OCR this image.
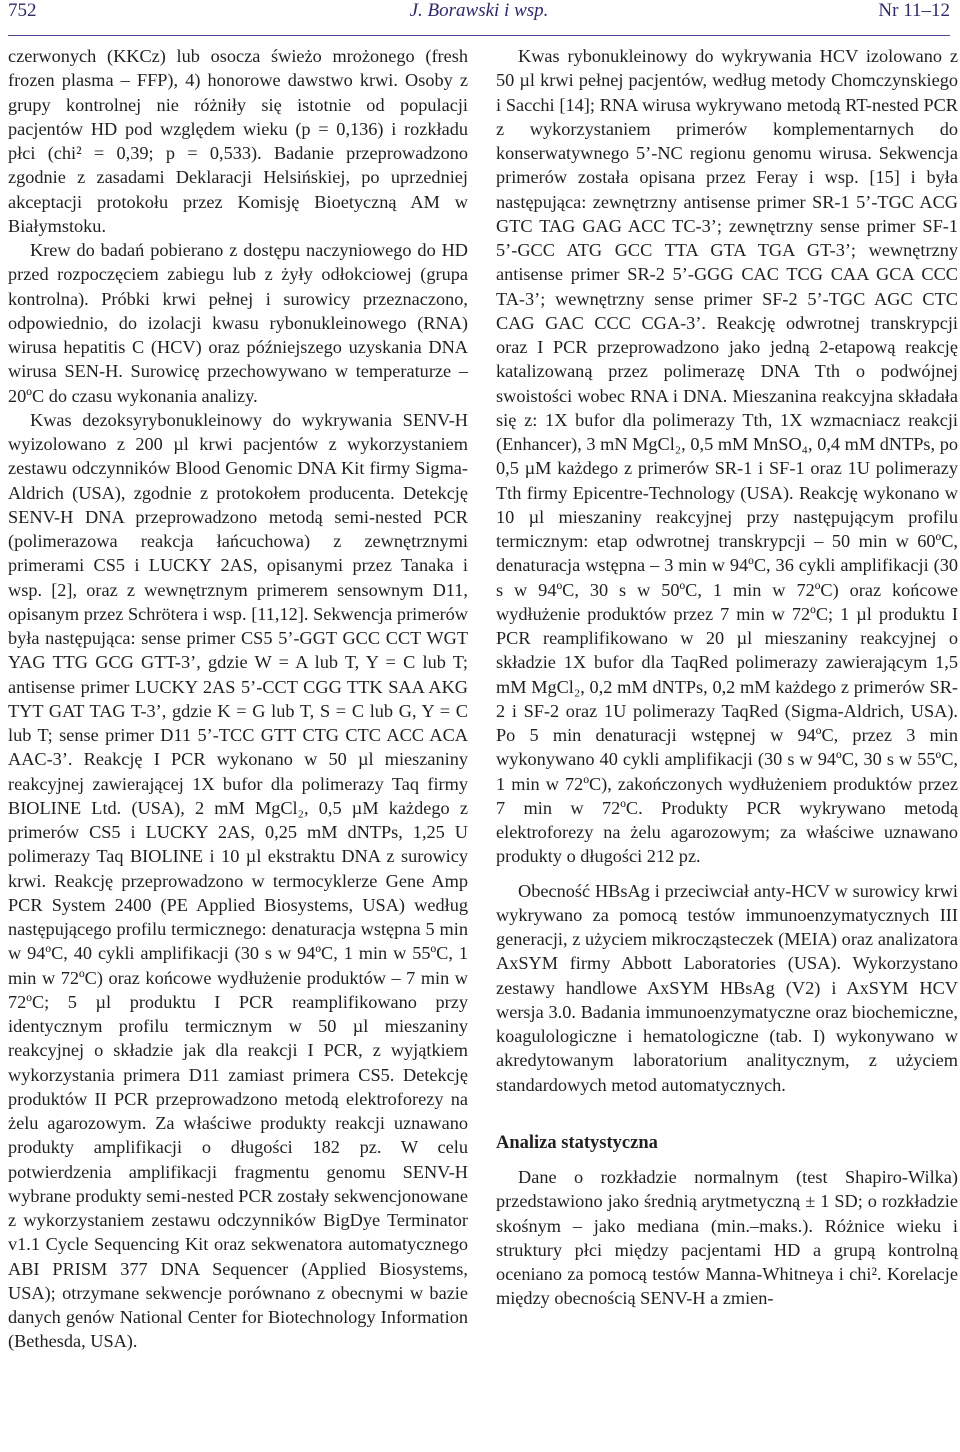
752	J. Borawski i wsp.	Nr 11–12

czerwonych (KKCz) lub osocza świeżo mrożonego (fresh frozen plasma – FFP), 4) honorowe dawstwo krwi. Osoby z grupy kontrolnej nie różniły się istotnie od populacji pacjentów HD pod względem wieku (p = 0,136) i rozkładu płci (chi² = 0,39; p = 0,533). Badanie przeprowadzono zgodnie z zasadami Deklaracji Helsińskiej, po uprzedniej akceptacji protokołu przez Komisję Bioetyczną AM w Białymstoku.

Krew do badań pobierano z dostępu naczyniowego do HD przed rozpoczęciem zabiegu lub z żyły odłokciowej (grupa kontrolna). Próbki krwi pełnej i surowicy przeznaczono, odpowiednio, do izolacji kwasu rybonukleinowego (RNA) wirusa hepatitis C (HCV) oraz późniejszego uzyskania DNA wirusa SEN-H. Surowicę przechowywano w temperaturze –20ºC do czasu wykonania analizy.

Kwas dezoksyrybonukleinowy do wykrywania SENV-H wyizolowano z 200 µl krwi pacjentów z wykorzystaniem zestawu odczynników Blood Genomic DNA Kit firmy Sigma-Aldrich (USA), zgodnie z protokołem producenta. Detekcję SENV-H DNA przeprowadzono metodą semi-nested PCR (polimerazowa reakcja łańcuchowa) z zewnętrznymi primerami CS5 i LUCKY 2AS, opisanymi przez Tanaka i wsp. [2], oraz z wewnętrznym primerem sensownym D11, opisanym przez Schrötera i wsp. [11,12]. Sekwencja primerów była następująca: sense primer CS5 5’-GGT GCC CCT WGT YAG TTG GCG GTT-3’, gdzie W = A lub T, Y = C lub T; antisense primer LUCKY 2AS 5’-CCT CGG TTK SAA AKG TYT GAT TAG T-3’, gdzie K = G lub T, S = C lub G, Y = C lub T; sense primer D11 5’-TCC GTT CTG CTC ACC ACA AAC-3’. Reakcję I PCR wykonano w 50 µl mieszaniny reakcyjnej zawierającej 1X bufor dla polimerazy Taq firmy BIOLINE Ltd. (USA), 2 mM MgCl₂, 0,5 µM każdego z primerów CS5 i LUCKY 2AS, 0,25 mM dNTPs, 1,25 U polimerazy Taq BIOLINE i 10 µl ekstraktu DNA z surowicy krwi. Reakcję przeprowadzono w termocyklerze Gene Amp PCR System 2400 (PE Applied Biosystems, USA) według następującego profilu termicznego: denaturacja wstępna 5 min w 94ºC, 40 cykli amplifikacji (30 s w 94ºC, 1 min w 55ºC, 1 min w 72ºC) oraz końcowe wydłużenie produktów – 7 min w 72ºC; 5 µl produktu I PCR reamplifikowano przy identycznym profilu termicznym w 50 µl mieszaniny reakcyjnej o składzie jak dla reakcji I PCR, z wyjątkiem wykorzystania primera D11 zamiast primera CS5. Detekcję produktów II PCR przeprowadzono metodą elektroforezy na żelu agarozowym. Za właściwe produkty reakcji uznawano produkty amplifikacji o długości 182 pz. W celu potwierdzenia amplifikacji fragmentu genomu SENV-H wybrane produkty semi-nested PCR zostały sekwencjonowane z wykorzystaniem zestawu odczynników BigDye Terminator v1.1 Cycle Sequencing Kit oraz sekwenatora automatycznego ABI PRISM 377 DNA Sequencer (Applied Biosystems, USA); otrzymane sekwencje porównano z obecnymi w bazie danych genów National Center for Biotechnology Information (Bethesda, USA).

Kwas rybonukleinowy do wykrywania HCV izolowano z 50 µl krwi pełnej pacjentów, według metody Chomczynskiego i Sacchi [14]; RNA wirusa wykrywano metodą RT-nested PCR z wykorzystaniem primerów komplementarnych do konserwatywnego 5’-NC regionu genomu wirusa. Sekwencja primerów została opisana przez Feray i wsp. [15] i była następująca: zewnętrzny antisense primer SR-1 5’-TGC ACG GTC TAG GAG ACC TC-3’; zewnętrzny sense primer SF-1 5’-GCC ATG GCC TTA GTA TGA GT-3’; wewnętrzny antisense primer SR-2 5’-GGG CAC TCG CAA GCA CCC TA-3’; wewnętrzny sense primer SF-2 5’-TGC AGC CTC CAG GAC CCC CGA-3’. Reakcję odwrotnej transkrypcji oraz I PCR przeprowadzono jako jedną 2-etapową reakcję katalizowaną przez polimerazę DNA Tth o podwójnej swoistości wobec RNA i DNA. Mieszanina reakcyjna składała się z: 1X bufor dla polimerazy Tth, 1X wzmacniacz reakcji (Enhancer), 3 mN MgCl₂, 0,5 mM MnSO₄, 0,4 mM dNTPs, po 0,5 µM każdego z primerów SR-1 i SF-1 oraz 1U polimerazy Tth firmy Epicentre-Technology (USA). Reakcję wykonano w 10 µl mieszaniny reakcyjnej przy następującym profilu termicznym: etap odwrotnej transkrypcji – 50 min w 60ºC, denaturacja wstępna – 3 min w 94ºC, 36 cykli amplifikacji (30 s w 94ºC, 30 s w 50ºC, 1 min w 72ºC) oraz końcowe wydłużenie produktów przez 7 min w 72ºC; 1 µl produktu I PCR reamplifikowano w 20 µl mieszaniny reakcyjnej o składzie 1X bufor dla TaqRed polimerazy zawierającym 1,5 mM MgCl₂, 0,2 mM dNTPs, 0,2 mM każdego z primerów SR-2 i SF-2 oraz 1U polimerazy TaqRed (Sigma-Aldrich, USA). Po 5 min denaturacji wstępnej w 94ºC, przez 3 min wykonywano 40 cykli amplifikacji (30 s w 94ºC, 30 s w 55ºC, 1 min w 72ºC), zakończonych wydłużeniem produktów przez 7 min w 72ºC. Produkty PCR wykrywano metodą elektroforezy na żelu agarozowym; za właściwe uznawano produkty o długości 212 pz.

Obecność HBsAg i przeciwciał anty-HCV w surowicy krwi wykrywano za pomocą testów immunoenzymatycznych III generacji, z użyciem mikrocząsteczek (MEIA) oraz analizatora AxSYM firmy Abbott Laboratories (USA). Wykorzystano zestawy handlowe AxSYM HBsAg (V2) i AxSYM HCV wersja 3.0. Badania immunoenzymatyczne oraz biochemiczne, koagulologiczne i hematologiczne (tab. I) wykonywano w akredytowanym laboratorium analitycznym, z użyciem standardowych metod automatycznych.

Analiza statystyczna

Dane o rozkładzie normalnym (test Shapiro-Wilka) przedstawiono jako średnią arytmetyczną ± 1 SD; o rozkładzie skośnym – jako mediana (min.–maks.). Różnice wieku i struktury płci między pacjentami HD a grupą kontrolną oceniano za pomocą testów Manna-Whitneya i chi². Korelacje między obecnością SENV-H a zmien-
